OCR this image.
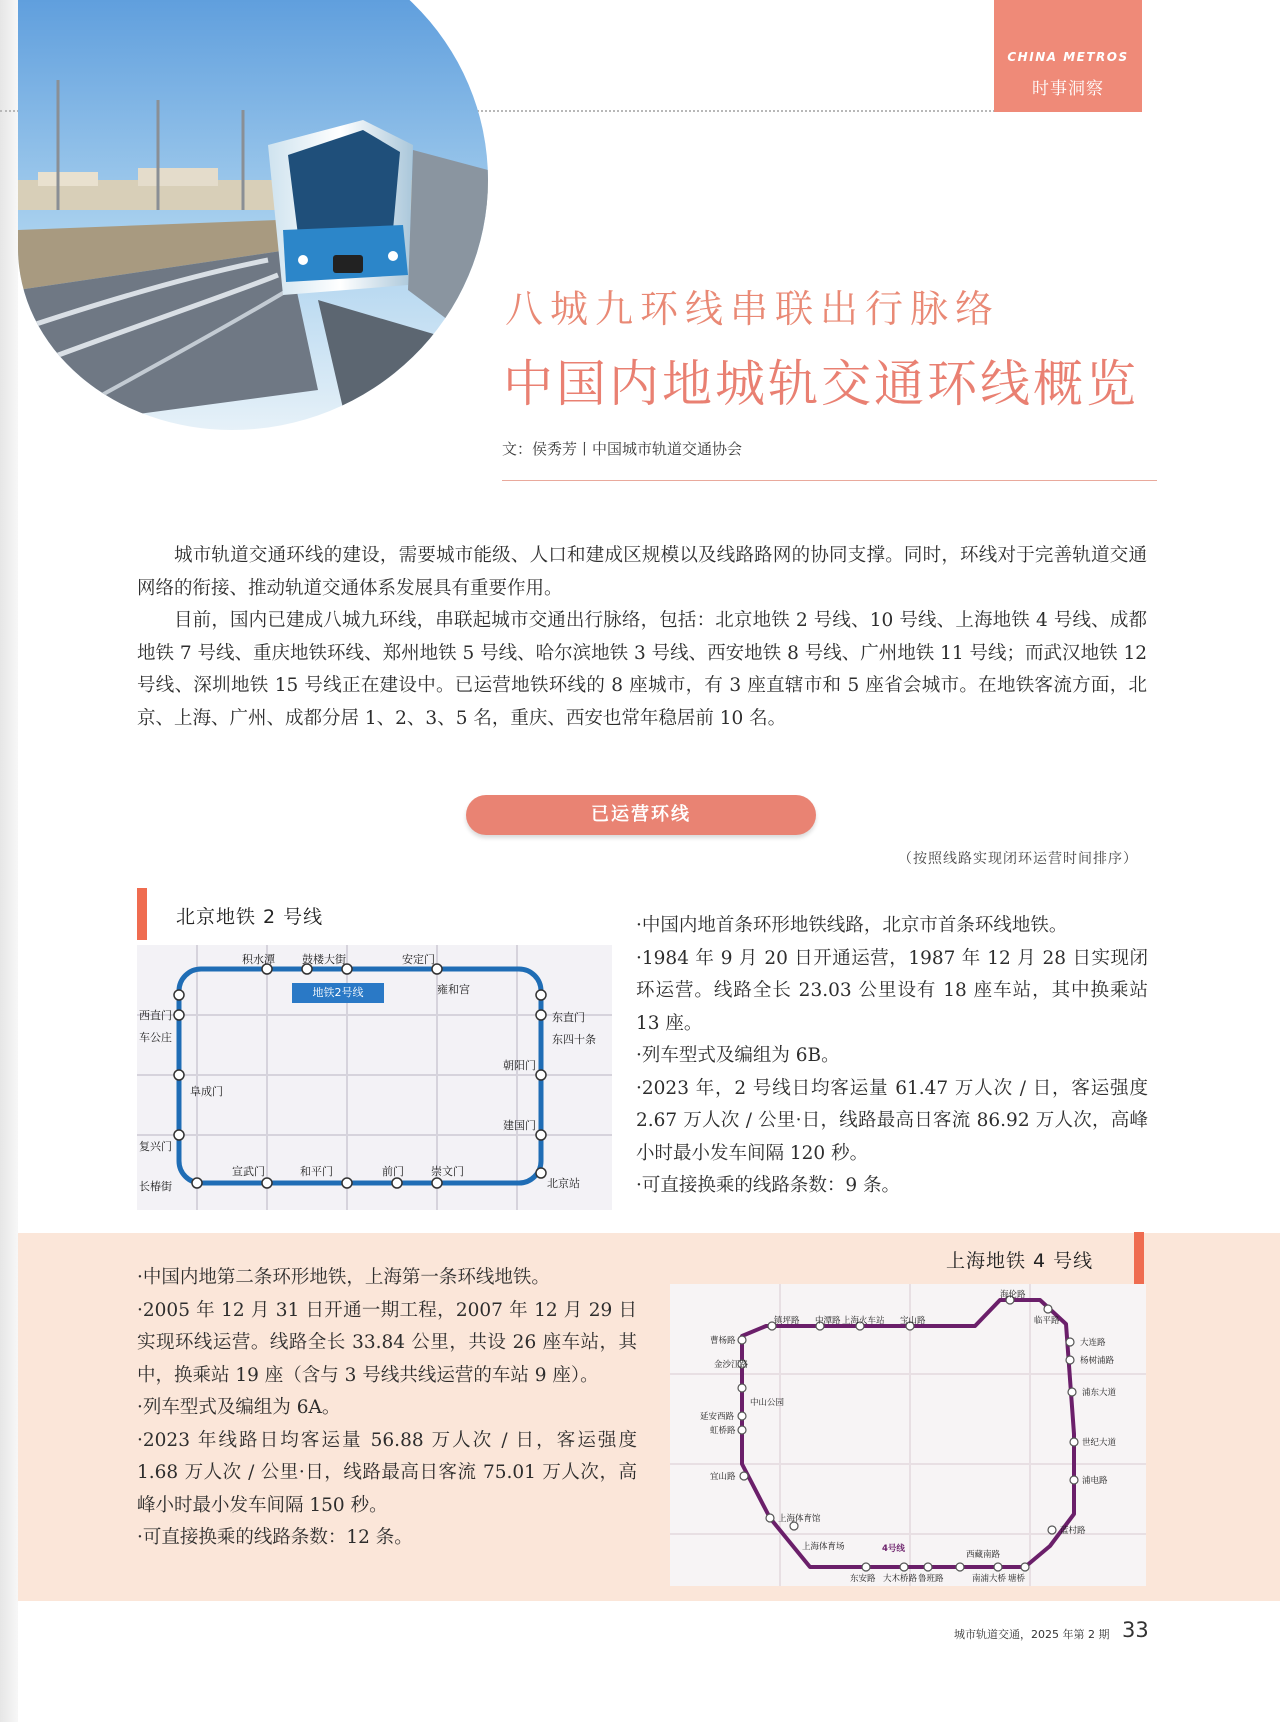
CHINA METROS
时事洞察
八城九环线串联出行脉络
中国内地城轨交通环线概览
文：侯秀芳丨中国城市轨道交通协会

城市轨道交通环线的建设，需要城市能级、人口和建成区规模以及线路路网的协同支撑。同时，环线对于完善轨道交通网络的衔接、推动轨道交通体系发展具有重要作用。

目前，国内已建成八城九环线，串联起城市交通出行脉络，包括：北京地铁 2 号线、10 号线、上海地铁 4 号线、成都地铁 7 号线、重庆地铁环线、郑州地铁 5 号线、哈尔滨地铁 3 号线、西安地铁 8 号线、广州地铁 11 号线；而武汉地铁 12 号线、深圳地铁 15 号线正在建设中。已运营地铁环线的 8 座城市，有 3 座直辖市和 5 座省会城市。在地铁客流方面，北京、上海、广州、成都分居 1、2、3、5 名，重庆、西安也常年稳居前 10 名。

已运营环线
（按照线路实现闭环运营时间排序）
北京地铁 2 号线
地铁2号线
积水潭 鼓楼大街	安定门
雍和宫
东直门
东四十条
朝阳门
建国门
北京站
崇文门
前门
和平门
宣武门
长椿街
复兴门
阜成门
车公庄
西直门
·中国内地首条环形地铁线路，北京市首条环线地铁。
·1984 年 9 月 20 日开通运营，1987 年 12 月 28 日实现闭环运营。线路全长 23.03 公里设有 18 座车站，其中换乘站 13 座。
·列车型式及编组为 6B。
·2023 年，2 号线日均客运量 61.47 万人次 / 日，客运强度 2.67 万人次 / 公里·日，线路最高日客流 86.92 万人次，高峰小时最小发车间隔 120 秒。
·可直接换乘的线路条数：9 条。
上海地铁 4 号线
·中国内地第二条环形地铁，上海第一条环线地铁。
·2005 年 12 月 31 日开通一期工程，2007 年 12 月 29 日实现环线运营。线路全长 33.84 公里，共设 26 座车站，其中，换乘站 19 座（含与 3 号线共线运营的车站 9 座）。
·列车型式及编组为 6A。
·2023 年线路日均客运量 56.88 万人次 / 日，客运强度 1.68 万人次 / 公里·日，线路最高日客流 75.01 万人次，高峰小时最小发车间隔 150 秒。
·可直接换乘的线路条数：12 条。
镇坪路 中潭路 上海火车站 宝山路
海伦路
临平路
大连路
杨树浦路
浦东大道
世纪大道
浦电路
蓝村路
塘桥
南浦大桥
西藏南路
鲁班路
大木桥路
东安路
4号线
上海体育场
上海体育馆
宜山路
虹桥路
延安西路
中山公园
金沙江路
曹杨路
城市轨道交通，2025 年第 2 期 33
